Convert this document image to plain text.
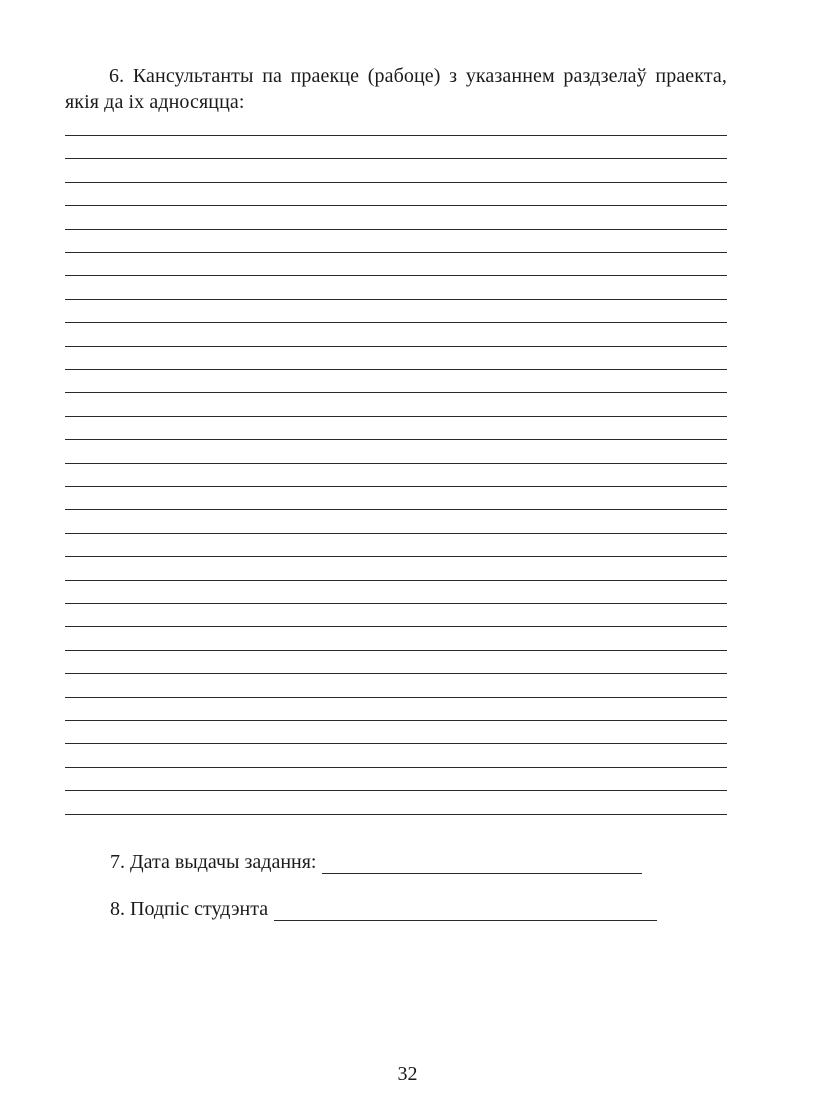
6. Кансультанты па праекце (рабоце) з указаннем раздзелаў праекта, якія да іх адносяцца:

7. Дата выдачы задання:
8. Подпіс студэнта
32
